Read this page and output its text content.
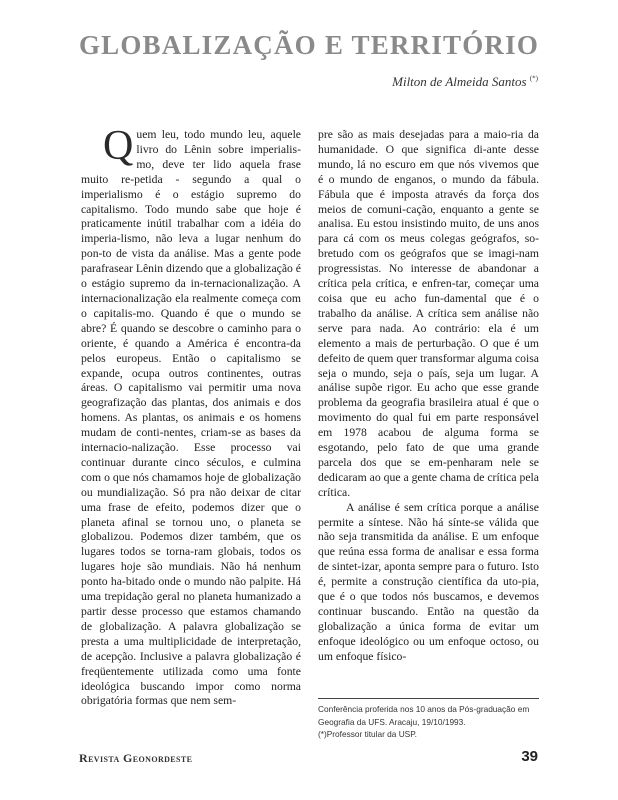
GLOBALIZAÇÃO E TERRITÓRIO
Milton de Almeida Santos (*)

Quem leu, todo mundo leu, aquele livro do Lênin sobre imperialis-mo, deve ter lido aquela frase muito re-petida - segundo a qual o imperialismo é o estágio supremo do capitalismo. Todo mundo sabe que hoje é praticamente inútil trabalhar com a idéia do imperia-lismo, não leva a lugar nenhum do pon-to de vista da análise. Mas a gente pode parafrasear Lênin dizendo que a globalização é o estágio supremo da in-ternacionalização. A internacionalização ela realmente começa com o capitalis-mo. Quando é que o mundo se abre? É quando se descobre o caminho para o oriente, é quando a América é encontra-da pelos europeus. Então o capitalismo se expande, ocupa outros continentes, outras áreas. O capitalismo vai permitir uma nova geografização das plantas, dos animais e dos homens. As plantas, os animais e os homens mudam de conti-nentes, criam-se as bases da internacio-nalização. Esse processo vai continuar durante cinco séculos, e culmina com o que nós chamamos hoje de globalização ou mundialização. Só pra não deixar de citar uma frase de efeito, podemos dizer que o planeta afinal se tornou uno, o planeta se globalizou. Podemos dizer também, que os lugares todos se torna-ram globais, todos os lugares hoje são mundiais. Não há nenhum ponto ha-bitado onde o mundo não palpite. Há uma trepidação geral no planeta humanizado a partir desse processo que estamos chamando de globalização. A palavra globalização se presta a uma multiplicidade de interpretação, de acepção. Inclusive a palavra globalização é freqüentemente utilizada como uma fonte ideológica buscando impor como norma obrigatória formas que nem sem-

pre são as mais desejadas para a maio-ria da humanidade. O que significa di-ante desse mundo, lá no escuro em que nós vivemos que é o mundo de enganos, o mundo da fábula. Fábula que é imposta através da força dos meios de comuni-cação, enquanto a gente se analisa. Eu estou insistindo muito, de uns anos para cá com os meus colegas geógrafos, so-bretudo com os geógrafos que se imagi-nam progressistas. No interesse de abandonar a crítica pela crítica, e enfren-tar, começar uma coisa que eu acho fun-damental que é o trabalho da análise. A crítica sem análise não serve para nada. Ao contrário: ela é um elemento a mais de perturbação. O que é um defeito de quem quer transformar alguma coisa seja o mundo, seja o país, seja um lugar. A análise supõe rigor. Eu acho que esse grande problema da geografia brasileira atual é que o movimento do qual fui em parte responsável em 1978 acabou de alguma forma se esgotando, pelo fato de que uma grande parcela dos que se em-penharam nele se dedicaram ao que a gente chama de crítica pela crítica.

A análise é sem crítica porque a análise permite a síntese. Não há sínte-se válida que não seja transmitida da análise. E um enfoque que reúna essa forma de analisar e essa forma de sintet-izar, aponta sempre para o futuro. Isto é, permite a construção científica da uto-pia, que é o que todos nós buscamos, e devemos continuar buscando. Então na questão da globalização a única forma de evitar um enfoque ideológico ou um enfoque octoso, ou um enfoque físico-

Conferência proferida nos 10 anos da Pós-graduação em Geografia da UFS. Aracaju, 19/10/1993.

(*)Professor titular da USP.

Revista Geonordeste	39
